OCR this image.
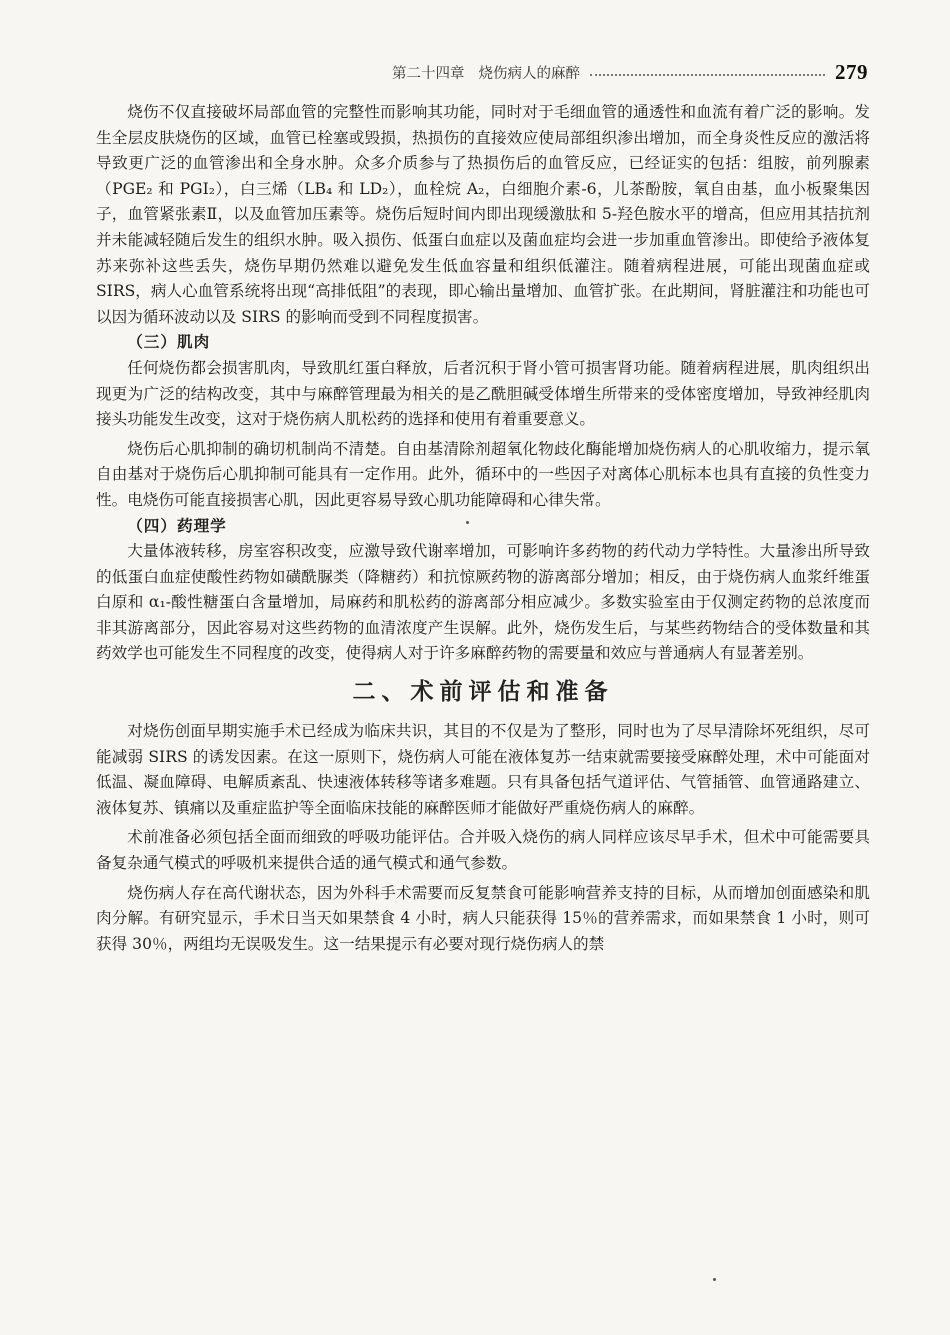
第二十四章 烧伤病人的麻醉	279

烧伤不仅直接破坏局部血管的完整性而影响其功能，同时对于毛细血管的通透性和血流有着广泛的影响。发生全层皮肤烧伤的区域，血管已栓塞或毁损，热损伤的直接效应使局部组织渗出增加，而全身炎性反应的激活将导致更广泛的血管渗出和全身水肿。众多介质参与了热损伤后的血管反应，已经证实的包括：组胺，前列腺素（PGE₂ 和 PGI₂），白三烯（LB₄ 和 LD₂），血栓烷 A₂，白细胞介素-6，儿茶酚胺，氧自由基，血小板聚集因子，血管紧张素Ⅱ，以及血管加压素等。烧伤后短时间内即出现缓激肽和 5-羟色胺水平的增高，但应用其拮抗剂并未能减轻随后发生的组织水肿。吸入损伤、低蛋白血症以及菌血症均会进一步加重血管渗出。即使给予液体复苏来弥补这些丢失，烧伤早期仍然难以避免发生低血容量和组织低灌注。随着病程进展，可能出现菌血症或 SIRS，病人心血管系统将出现“高排低阻”的表现，即心输出量增加、血管扩张。在此期间，肾脏灌注和功能也可以因为循环波动以及 SIRS 的影响而受到不同程度损害。

（三）肌肉

任何烧伤都会损害肌肉，导致肌红蛋白释放，后者沉积于肾小管可损害肾功能。随着病程进展，肌肉组织出现更为广泛的结构改变，其中与麻醉管理最为相关的是乙酰胆碱受体增生所带来的受体密度增加，导致神经肌肉接头功能发生改变，这对于烧伤病人肌松药的选择和使用有着重要意义。

烧伤后心肌抑制的确切机制尚不清楚。自由基清除剂超氧化物歧化酶能增加烧伤病人的心肌收缩力，提示氧自由基对于烧伤后心肌抑制可能具有一定作用。此外，循环中的一些因子对离体心肌标本也具有直接的负性变力性。电烧伤可能直接损害心肌，因此更容易导致心肌功能障碍和心律失常。

（四）药理学

大量体液转移，房室容积改变，应激导致代谢率增加，可影响许多药物的药代动力学特性。大量渗出所导致的低蛋白血症使酸性药物如磺酰脲类（降糖药）和抗惊厥药物的游离部分增加；相反，由于烧伤病人血浆纤维蛋白原和 α₁-酸性糖蛋白含量增加，局麻药和肌松药的游离部分相应减少。多数实验室由于仅测定药物的总浓度而非其游离部分，因此容易对这些药物的血清浓度产生误解。此外，烧伤发生后，与某些药物结合的受体数量和其药效学也可能发生不同程度的改变，使得病人对于许多麻醉药物的需要量和效应与普通病人有显著差别。

二、术前评估和准备

对烧伤创面早期实施手术已经成为临床共识，其目的不仅是为了整形，同时也为了尽早清除坏死组织，尽可能减弱 SIRS 的诱发因素。在这一原则下，烧伤病人可能在液体复苏一结束就需要接受麻醉处理，术中可能面对低温、凝血障碍、电解质紊乱、快速液体转移等诸多难题。只有具备包括气道评估、气管插管、血管通路建立、液体复苏、镇痛以及重症监护等全面临床技能的麻醉医师才能做好严重烧伤病人的麻醉。

术前准备必须包括全面而细致的呼吸功能评估。合并吸入烧伤的病人同样应该尽早手术，但术中可能需要具备复杂通气模式的呼吸机来提供合适的通气模式和通气参数。

烧伤病人存在高代谢状态，因为外科手术需要而反复禁食可能影响营养支持的目标，从而增加创面感染和肌肉分解。有研究显示，手术日当天如果禁食 4 小时，病人只能获得 15％的营养需求，而如果禁食 1 小时，则可获得 30％，两组均无误吸发生。这一结果提示有必要对现行烧伤病人的禁
